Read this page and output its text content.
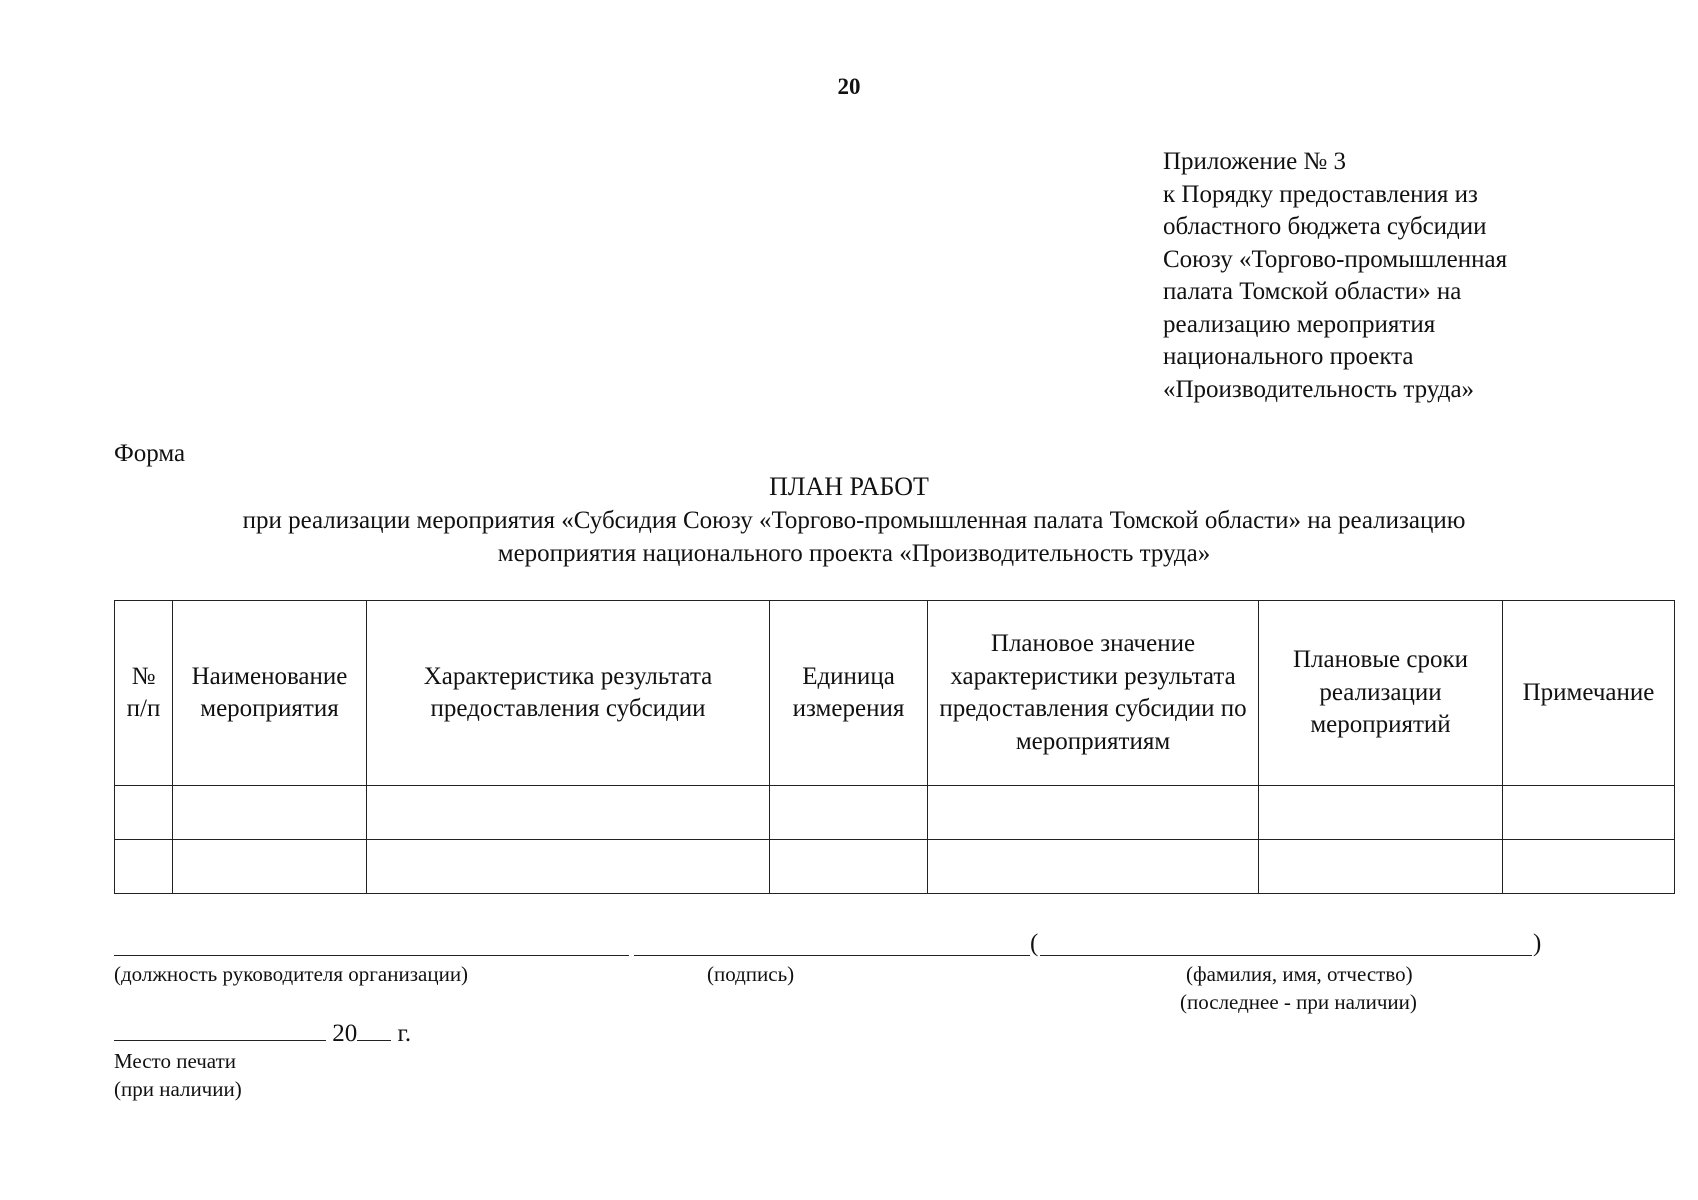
20
Приложение № 3
к Порядку предоставления из
областного бюджета субсидии
Союзу «Торгово-промышленная
палата Томской области» на
реализацию мероприятия
национального проекта
«Производительность труда»
Форма
ПЛАН РАБОТ
при реализации мероприятия «Субсидия Союзу «Торгово-промышленная палата Томской области» на реализацию
мероприятия национального проекта «Производительность труда»
№ п/п	Наименование мероприятия	Характеристика результата предоставления субсидии	Единица измерения	Плановое значение характеристики результата предоставления субсидии по мероприятиям	Плановые сроки реализации мероприятий	Примечание

(	)
(должность руководителя организации)	(подпись)	(фамилия, имя, отчество)
(последнее - при наличии)
20 г.
Место печати
(при наличии)
